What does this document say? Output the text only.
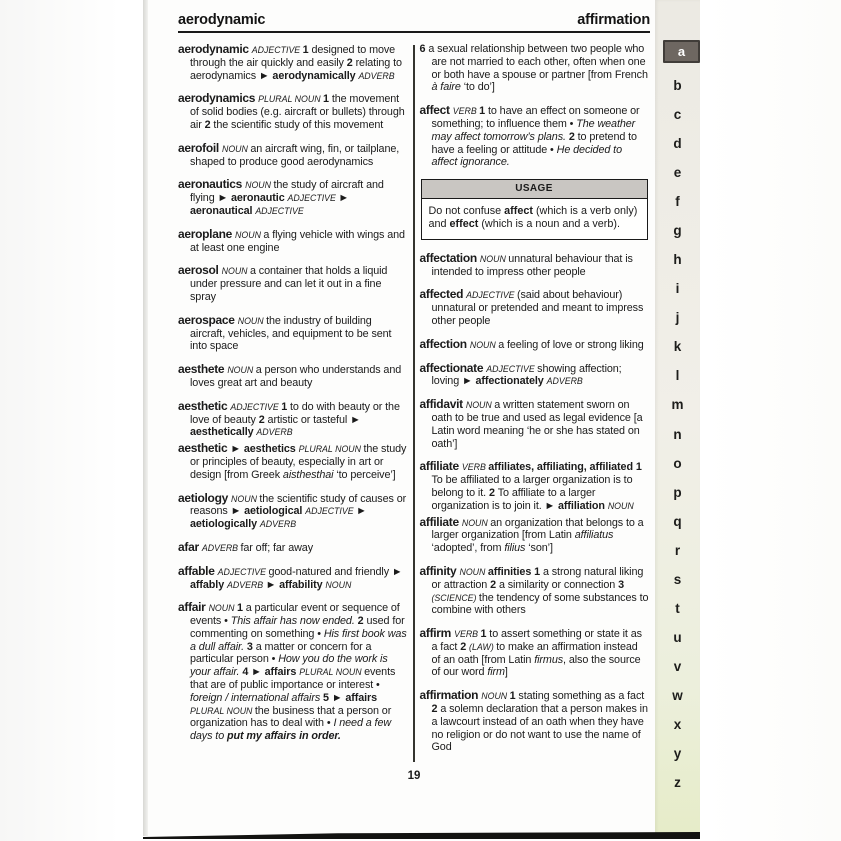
a
b
c
d
e
f
g
h
i
j
k
l
m
n
o
p
q
r
s
t
u
v
w
x
y
z
aerodynamic	affirmation

aerodynamic ADJECTIVE 1 designed to move through the air quickly and easily 2 relating to aerodynamics ► aerodynamically ADVERB

aerodynamics PLURAL NOUN 1 the movement of solid bodies (e.g. aircraft or bullets) through air 2 the scientific study of this movement

aerofoil NOUN an aircraft wing, fin, or tailplane, shaped to produce good aerodynamics

aeronautics NOUN the study of aircraft and flying ► aeronautic ADJECTIVE ► aeronautical ADJECTIVE

aeroplane NOUN a flying vehicle with wings and at least one engine

aerosol NOUN a container that holds a liquid under pressure and can let it out in a fine spray

aerospace NOUN the industry of building aircraft, vehicles, and equipment to be sent into space

aesthete NOUN a person who understands and loves great art and beauty

aesthetic ADJECTIVE 1 to do with beauty or the love of beauty 2 artistic or tasteful ► aesthetically ADVERB

aesthetic ► aesthetics PLURAL NOUN the study or principles of beauty, especially in art or design [from Greek aisthesthai ‘to perceive’]

aetiology NOUN the scientific study of causes or reasons ► aetiological ADJECTIVE ► aetiologically ADVERB

afar ADVERB far off; far away

affable ADJECTIVE good-natured and friendly ► affably ADVERB ► affability NOUN

affair NOUN 1 a particular event or sequence of events • This affair has now ended. 2 used for commenting on something • His first book was a dull affair. 3 a matter or concern for a particular person • How you do the work is your affair. 4 ► affairs PLURAL NOUN events that are of public importance or interest • foreign / international affairs 5 ► affairs PLURAL NOUN the business that a person or organization has to deal with • I need a few days to put my affairs in order.

6 a sexual relationship between two people who are not married to each other, often when one or both have a spouse or partner [from French à faire ‘to do’]

affect VERB 1 to have an effect on someone or something; to influence them • The weather may affect tomorrow’s plans. 2 to pretend to have a feeling or attitude • He decided to affect ignorance.

USAGE
Do not confuse affect (which is a verb only) and effect (which is a noun and a verb).

affectation NOUN unnatural behaviour that is intended to impress other people

affected ADJECTIVE (said about behaviour) unnatural or pretended and meant to impress other people

affection NOUN a feeling of love or strong liking

affectionate ADJECTIVE showing affection; loving ► affectionately ADVERB

affidavit NOUN a written statement sworn on oath to be true and used as legal evidence [a Latin word meaning ‘he or she has stated on oath’]

affiliate VERB affiliates, affiliating, affiliated 1 To be affiliated to a larger organization is to belong to it. 2 To affiliate to a larger organization is to join it. ► affiliation NOUN

affiliate NOUN an organization that belongs to a larger organization [from Latin affiliatus ‘adopted’, from filius ‘son’]

affinity NOUN affinities 1 a strong natural liking or attraction 2 a similarity or connection 3 (SCIENCE) the tendency of some substances to combine with others

affirm VERB 1 to assert something or state it as a fact 2 (LAW) to make an affirmation instead of an oath [from Latin firmus, also the source of our word firm]

affirmation NOUN 1 stating something as a fact 2 a solemn declaration that a person makes in a lawcourt instead of an oath when they have no religion or do not want to use the name of God

19
